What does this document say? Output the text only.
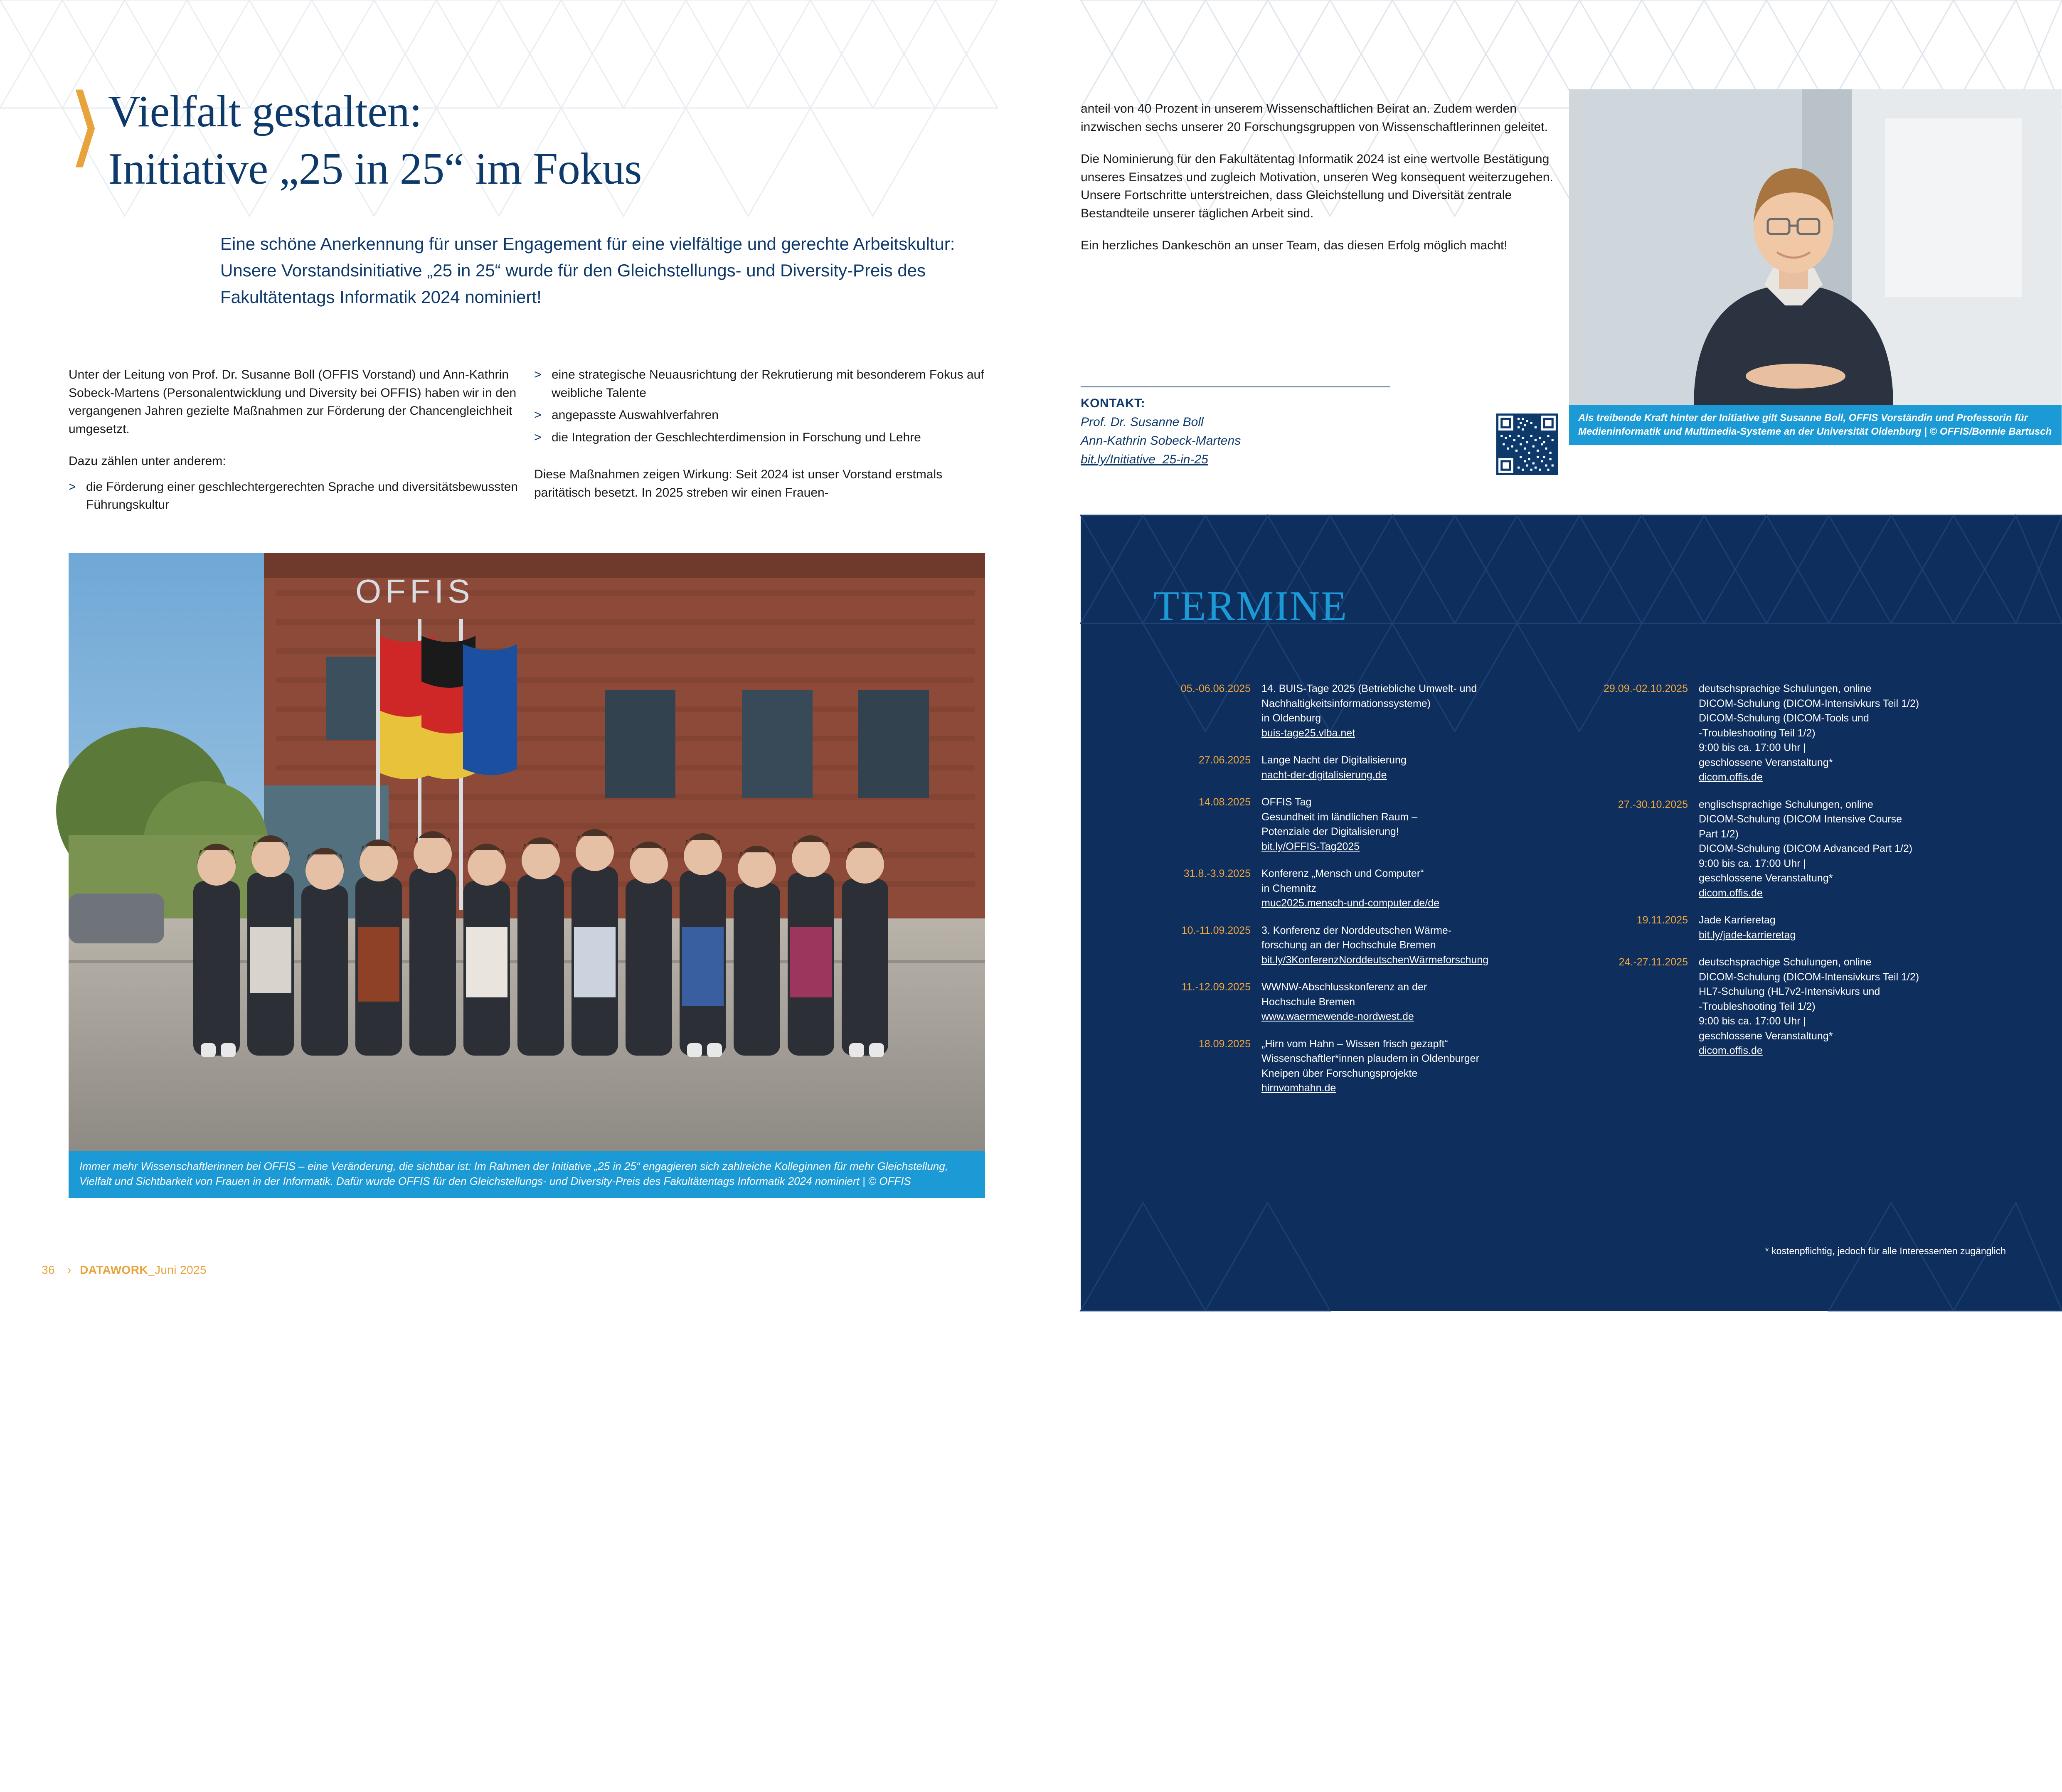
⟩ Vielfalt gestalten:
Initiative „25 in 25“ im Fokus
Eine schöne Anerkennung für unser Engagement für eine vielfältige und gerechte Arbeitskultur: Unsere Vorstandsinitiative „25 in 25“ wurde für den Gleichstellungs- und Diversity-Preis des Fakultätentags Informatik 2024 nominiert!

Unter der Leitung von Prof. Dr. Susanne Boll (OFFIS Vorstand) und Ann-Kathrin Sobeck-Martens (Personalentwicklung und Diversity bei OFFIS) haben wir in den vergangenen Jahren gezielte Maßnahmen zur Förderung der Chancengleichheit umgesetzt.

Dazu zählen unter anderem:

> die Förderung einer geschlechtergerechten Sprache und diversitätsbewussten Führungskultur
> eine strategische Neuausrichtung der Rekrutierung mit besonderem Fokus auf weibliche Talente
> angepasste Auswahlverfahren
> die Integration der Geschlechterdimension in Forschung und Lehre

Diese Maßnahmen zeigen Wirkung: Seit 2024 ist unser Vorstand erstmals paritätisch besetzt. In 2025 streben wir einen Frauen-

OFFIS
Immer mehr Wissenschaftlerinnen bei OFFIS – eine Veränderung, die sichtbar ist: Im Rahmen der Initiative „25 in 25“ engagieren sich zahlreiche Kolleginnen für mehr Gleichstellung, Vielfalt und Sichtbarkeit von Frauen in der Informatik. Dafür wurde OFFIS für den Gleichstellungs- und Diversity-Preis des Fakultätentags Informatik 2024 nominiert | © OFFIS
36 › DATAWORK_Juni 2025

anteil von 40 Prozent in unserem Wissenschaftlichen Beirat an. Zudem werden inzwischen sechs unserer 20 Forschungsgruppen von Wissenschaftlerinnen geleitet.

Die Nominierung für den Fakultätentag Informatik 2024 ist eine wertvolle Bestätigung unseres Einsatzes und zugleich Motivation, unseren Weg konsequent weiterzugehen. Unsere Fortschritte unterstreichen, dass Gleichstellung und Diversität zentrale Bestandteile unserer täglichen Arbeit sind.

Ein herzliches Dankeschön an unser Team, das diesen Erfolg möglich macht!

KONTAKT:
Prof. Dr. Susanne Boll
Ann-Kathrin Sobeck-Martens
bit.ly/Initiative_25-in-25
Als treibende Kraft hinter der Initiative gilt Susanne Boll, OFFIS Vorständin und Professorin für Medieninformatik und Multimedia-Systeme an der Universität Oldenburg | © OFFIS/Bonnie Bartusch
TERMINE
05.-06.06.2025	14. BUIS-Tage 2025 (Betriebliche Umwelt- und
Nachhaltigkeitsinformationssysteme)
in Oldenburg
buis-tage25.vlba.net
27.06.2025	Lange Nacht der Digitalisierung
nacht-der-digitalisierung.de
14.08.2025	OFFIS Tag
Gesundheit im ländlichen Raum –
Potenziale der Digitalisierung!
bit.ly/OFFIS-Tag2025
31.8.-3.9.2025	Konferenz „Mensch und Computer“
in Chemnitz
muc2025.mensch-und-computer.de/de
10.-11.09.2025	3. Konferenz der Norddeutschen Wärme-
forschung an der Hochschule Bremen
bit.ly/3KonferenzNorddeutschenWärmeforschung
11.-12.09.2025	WWNW-Abschlusskonferenz an der
Hochschule Bremen
www.waermewende-nordwest.de
18.09.2025	„Hirn vom Hahn – Wissen frisch gezapft“
Wissenschaftler*innen plaudern in Oldenburger
Kneipen über Forschungsprojekte
hirnvomhahn.de
29.09.-02.10.2025	deutschsprachige Schulungen, online
DICOM-Schulung (DICOM-Intensivkurs Teil 1/2)
DICOM-Schulung (DICOM-Tools und
-Troubleshooting Teil 1/2)
9:00 bis ca. 17:00 Uhr |
geschlossene Veranstaltung*
dicom.offis.de
27.-30.10.2025	englischsprachige Schulungen, online
DICOM-Schulung (DICOM Intensive Course
Part 1/2)
DICOM-Schulung (DICOM Advanced Part 1/2)
9:00 bis ca. 17:00 Uhr |
geschlossene Veranstaltung*
dicom.offis.de
19.11.2025	Jade Karrieretag
bit.ly/jade-karrieretag
24.-27.11.2025	deutschsprachige Schulungen, online
DICOM-Schulung (DICOM-Intensivkurs Teil 1/2)
HL7-Schulung (HL7v2-Intensivkurs und
-Troubleshooting Teil 1/2)
9:00 bis ca. 17:00 Uhr |
geschlossene Veranstaltung*
dicom.offis.de
* kostenpflichtig, jedoch für alle Interessenten zugänglich
SONSTIGES › 37
